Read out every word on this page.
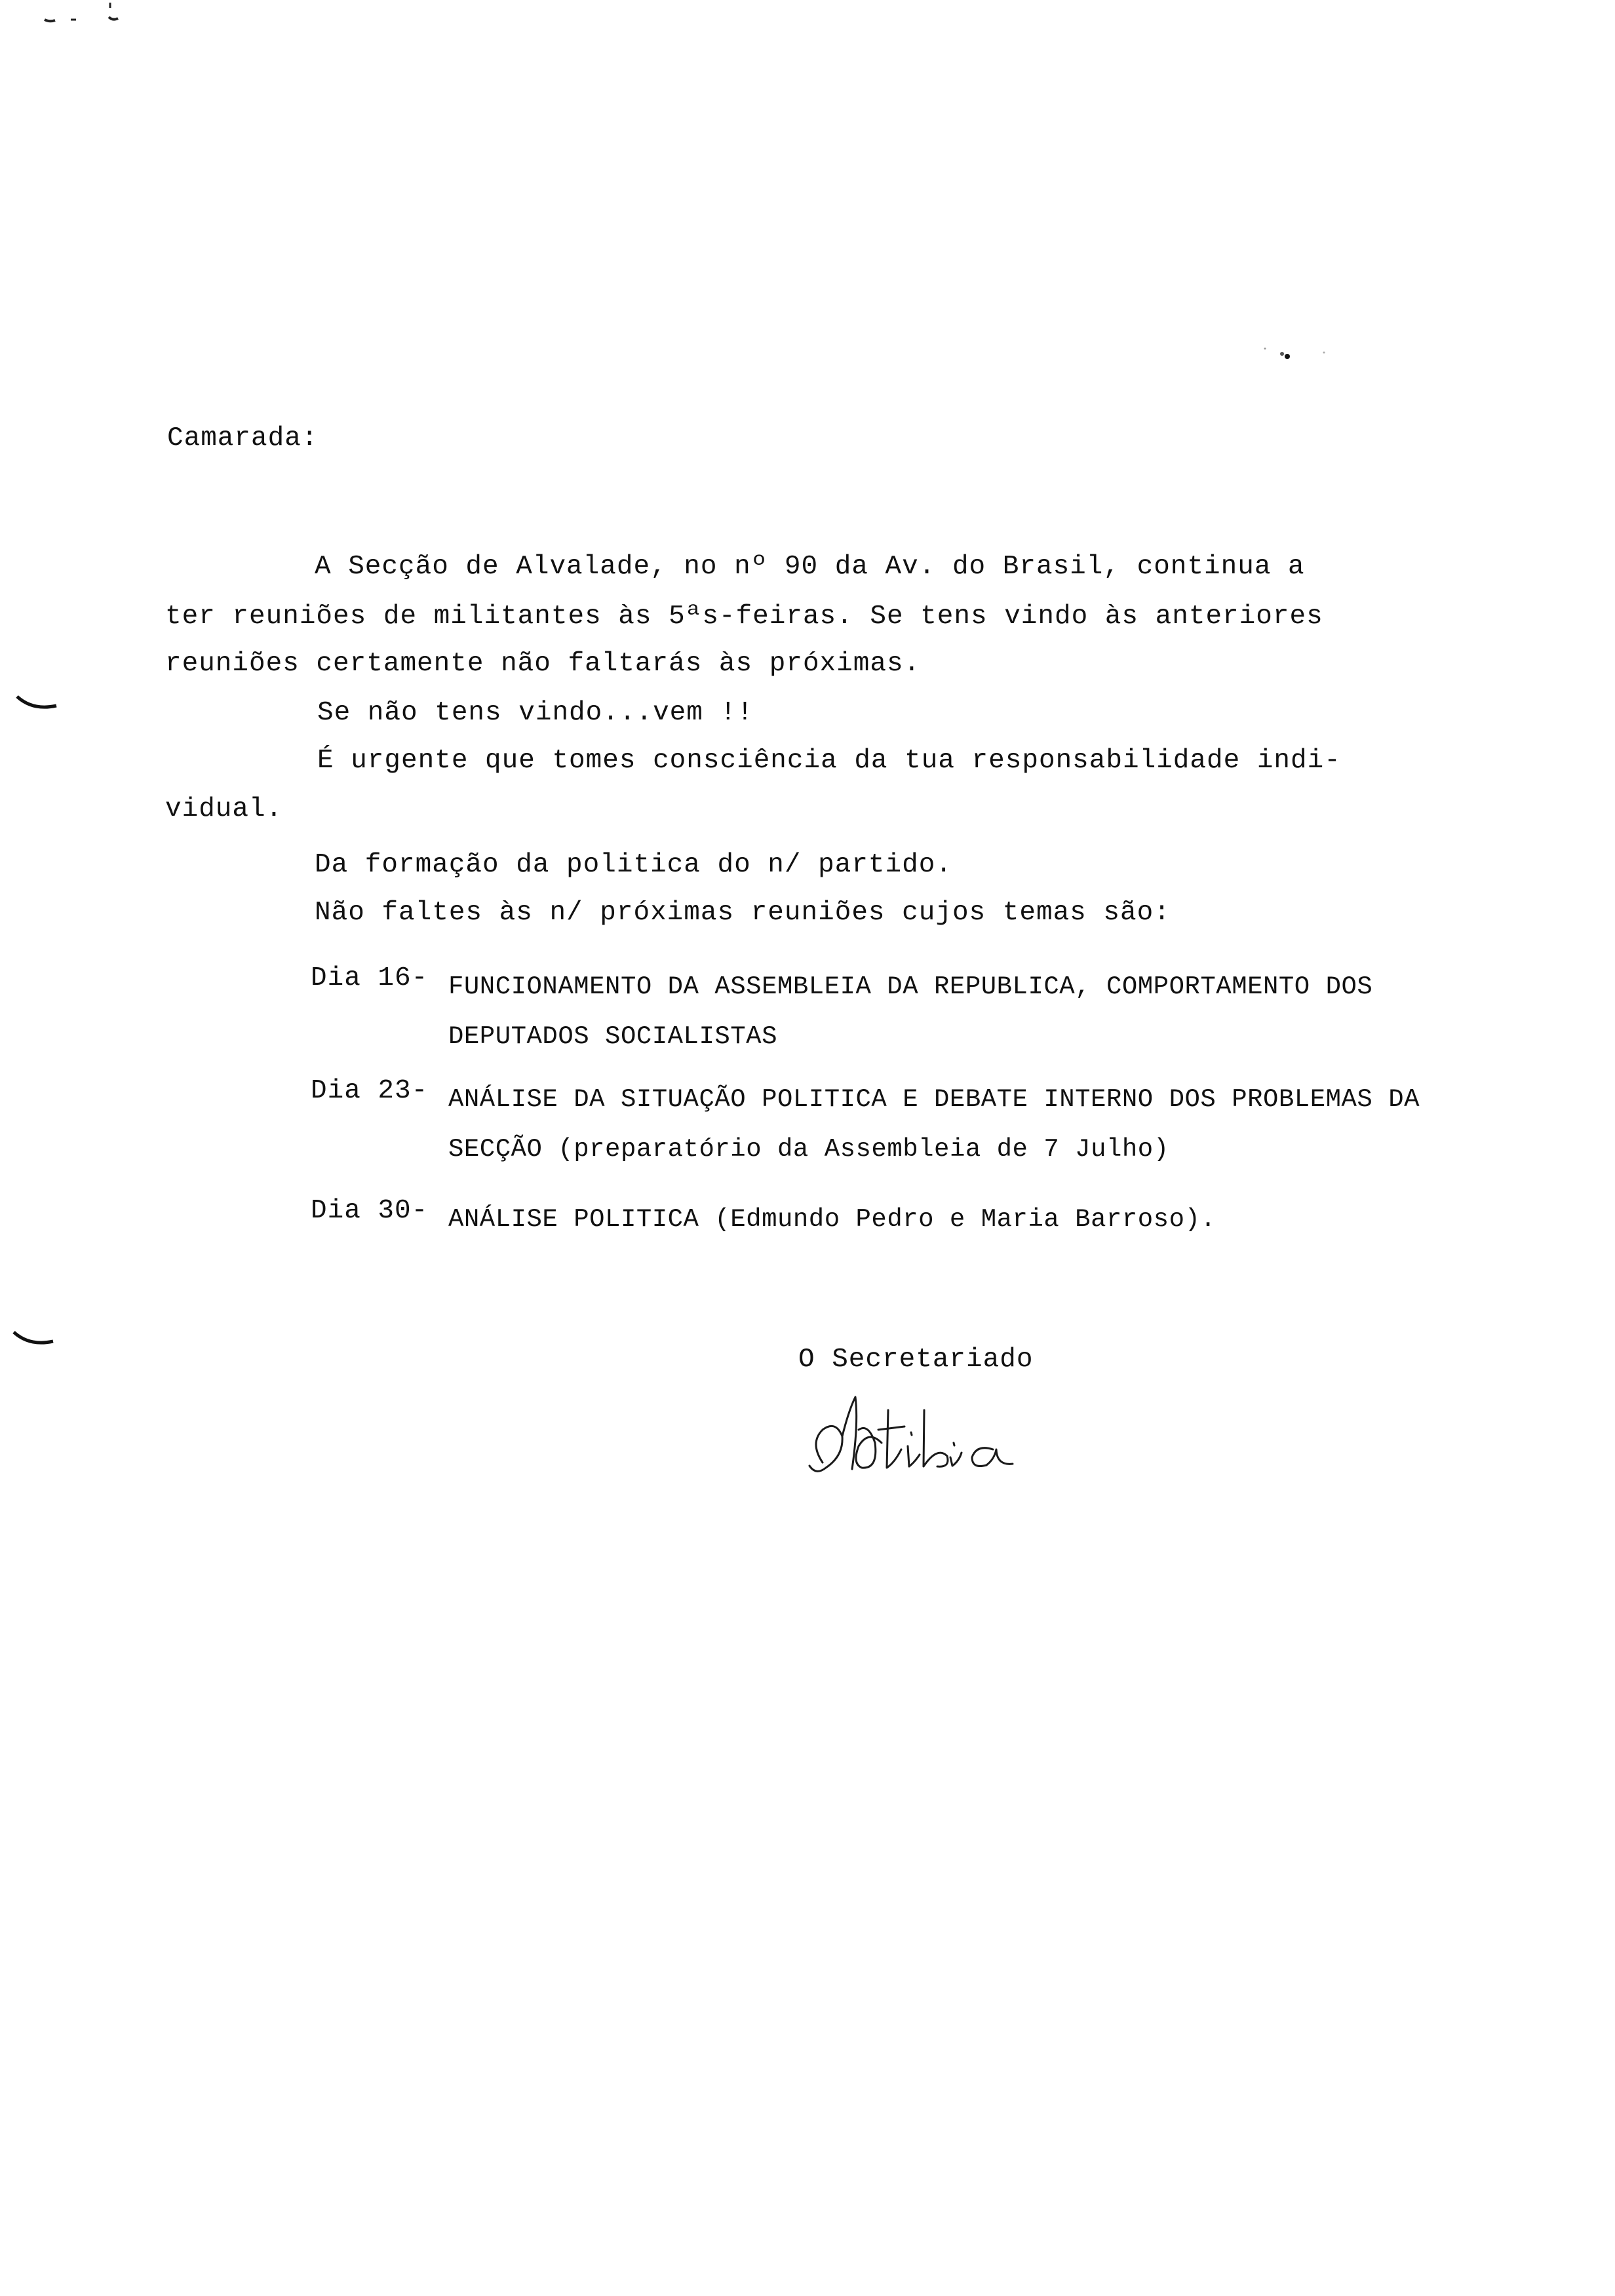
Camarada:
A Secção de Alvalade, no nº 90 da Av. do Brasil, continua a
ter reuniões de militantes às 5ªs-feiras. Se tens vindo às anteriores
reuniões certamente não faltarás às próximas.
Se não tens vindo...vem !!
É urgente que tomes consciência da tua responsabilidade indi-
vidual.
Da formação da politica do n/ partido.
Não faltes às n/ próximas reuniões cujos temas são:
Dia 16- FUNCIONAMENTO DA ASSEMBLEIA DA REPUBLICA, COMPORTAMENTO DOS DEPUTADOS SOCIALISTAS
Dia 23- ANÁLISE DA SITUAÇÃO POLITICA E DEBATE INTERNO DOS PROBLEMAS DA SECÇÃO (preparatório da Assembleia de 7 Julho)
Dia 30- ANÁLISE POLITICA (Edmundo Pedro e Maria Barroso).
O Secretariado
